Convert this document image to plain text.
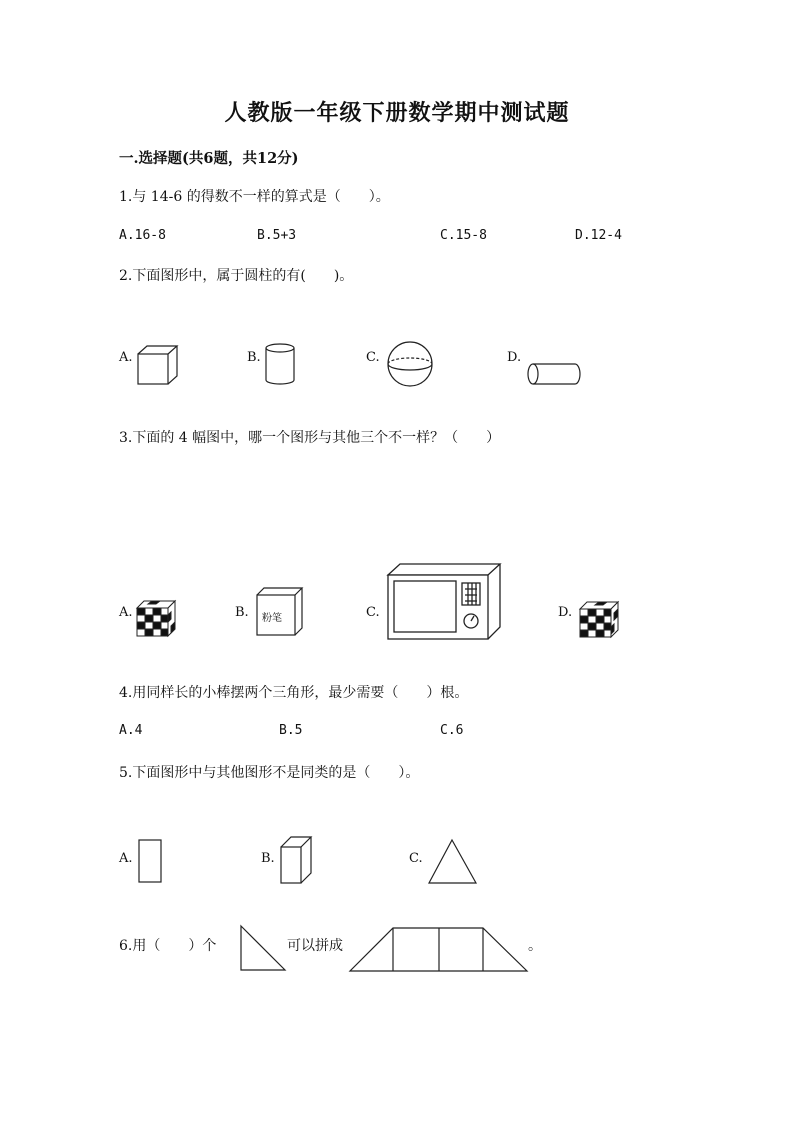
人教版一年级下册数学期中测试题
一.选择题(共6题，共12分)
1.与 14-6 的得数不一样的算式是（　　）。
A.16-8	B.5+3	C.15-8	D.12-4
2.下面图形中，属于圆柱的有(　　)。
A.	B.	C.	D.
3.下面的 4 幅图中，哪一个图形与其他三个不一样？（　　）
A.	B. 粉笔	C.	D.
4.用同样长的小棒摆两个三角形，最少需要（　　）根。
A.4	B.5	C.6
5.下面图形中与其他图形不是同类的是（　　）。
A.	B.	C.
6.用（　　）个	可以拼成	。
